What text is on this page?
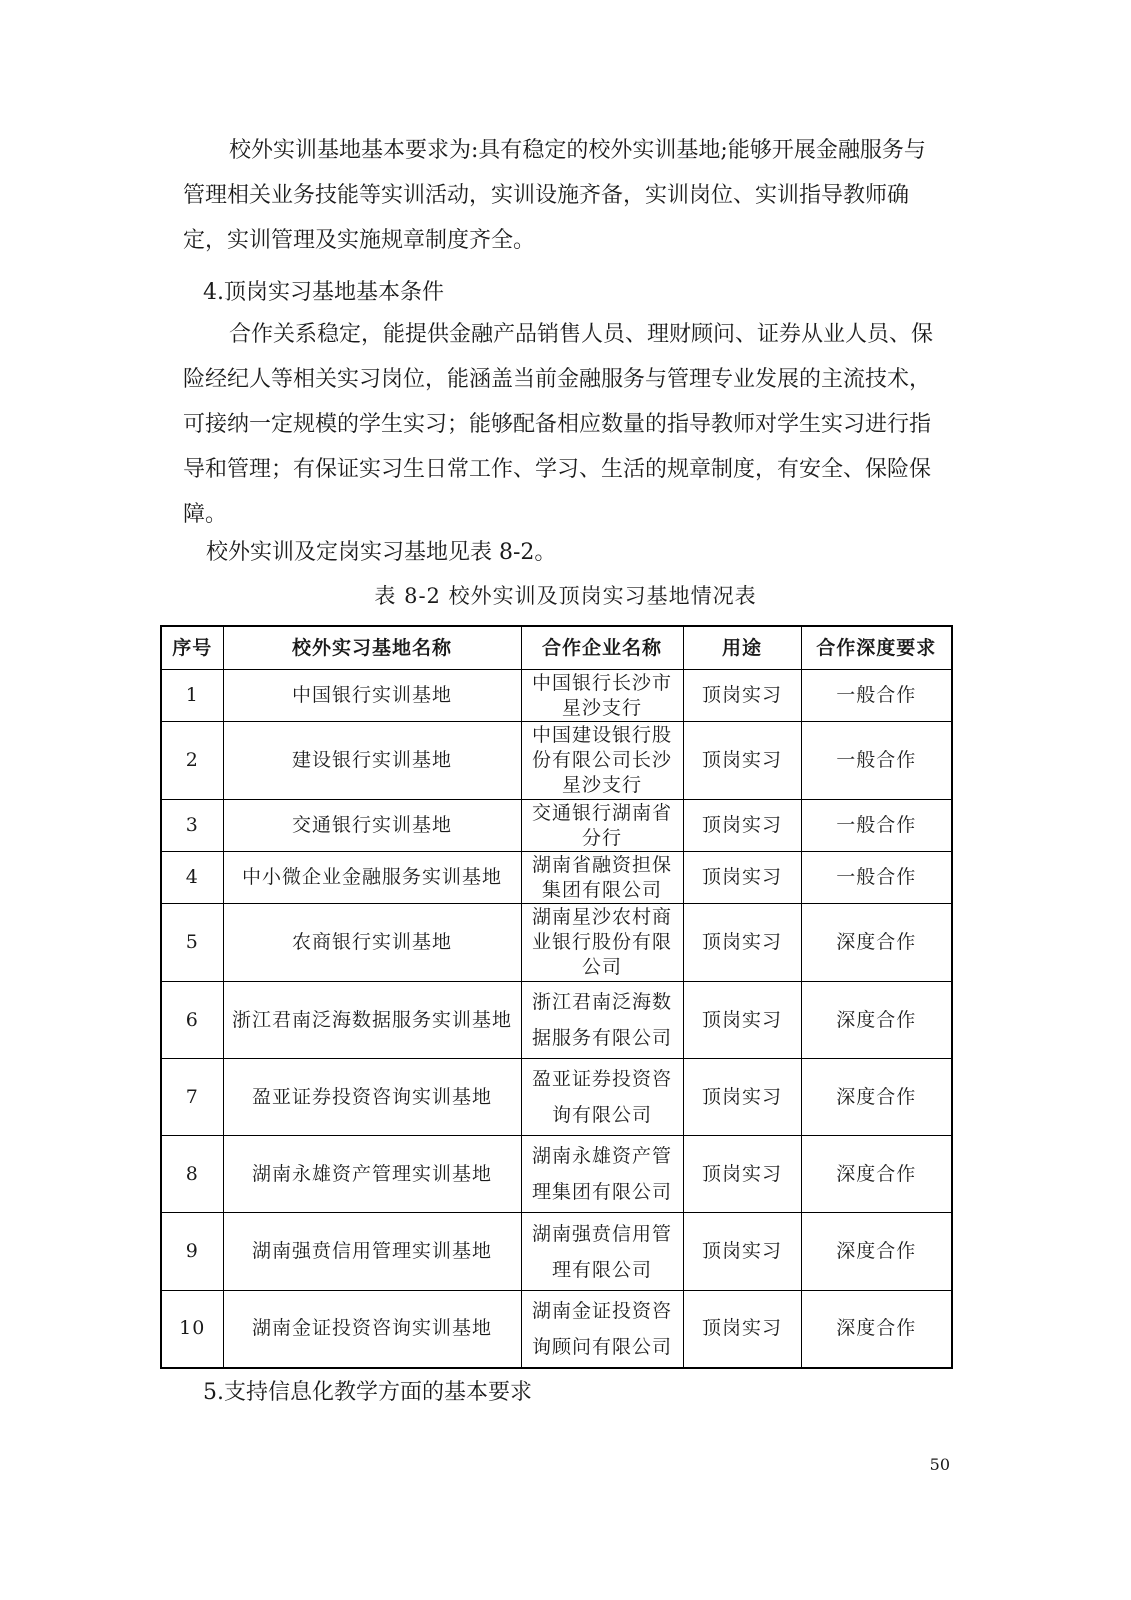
校外实训基地基本要求为:具有稳定的校外实训基地;能够开展金融服务与管理相关业务技能等实训活动，实训设施齐备，实训岗位、实训指导教师确定，实训管理及实施规章制度齐全。

4.顶岗实习基地基本条件

合作关系稳定，能提供金融产品销售人员、理财顾问、证券从业人员、保险经纪人等相关实习岗位，能涵盖当前金融服务与管理专业发展的主流技术，可接纳一定规模的学生实习；能够配备相应数量的指导教师对学生实习进行指导和管理；有保证实习生日常工作、学习、生活的规章制度，有安全、保险保障。

校外实训及定岗实习基地见表 8-2。

表 8-2 校外实训及顶岗实习基地情况表

序号	校外实习基地名称	合作企业名称	用途	合作深度要求
1	中国银行实训基地	中国银行长沙市星沙支行	顶岗实习	一般合作
2	建设银行实训基地	中国建设银行股份有限公司长沙星沙支行	顶岗实习	一般合作
3	交通银行实训基地	交通银行湖南省分行	顶岗实习	一般合作
4	中小微企业金融服务实训基地	湖南省融资担保集团有限公司	顶岗实习	一般合作
5	农商银行实训基地	湖南星沙农村商业银行股份有限公司	顶岗实习	深度合作
6	浙江君南泛海数据服务实训基地	浙江君南泛海数据服务有限公司	顶岗实习	深度合作
7	盈亚证券投资咨询实训基地	盈亚证券投资咨询有限公司	顶岗实习	深度合作
8	湖南永雄资产管理实训基地	湖南永雄资产管理集团有限公司	顶岗实习	深度合作
9	湖南强贲信用管理实训基地	湖南强贲信用管理有限公司	顶岗实习	深度合作
10	湖南金证投资咨询实训基地	湖南金证投资咨询顾问有限公司	顶岗实习	深度合作

5.支持信息化教学方面的基本要求

50
